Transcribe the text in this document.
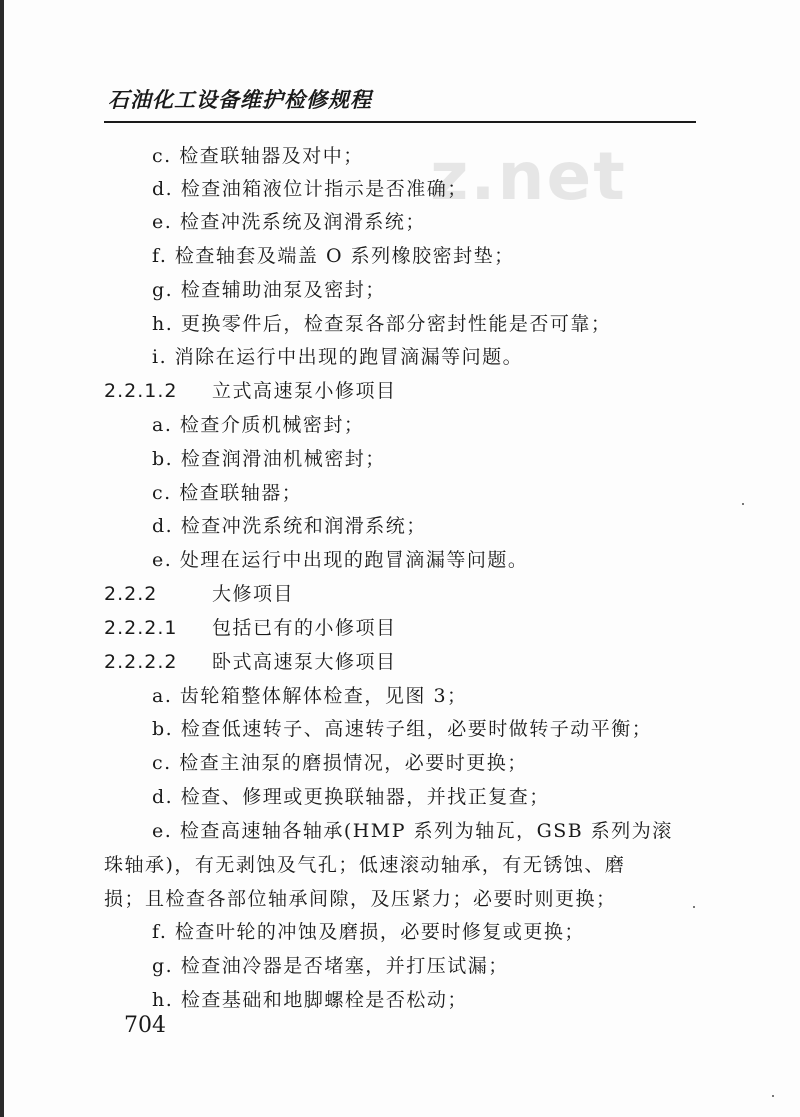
石油化工设备维护检修规程
z.net
c. 检查联轴器及对中；
d. 检查油箱液位计指示是否准确；
e. 检查冲洗系统及润滑系统；
f. 检查轴套及端盖 O 系列橡胶密封垫；
g. 检查辅助油泵及密封；
h. 更换零件后，检查泵各部分密封性能是否可靠；
i. 消除在运行中出现的跑冒滴漏等问题。
2.2.1.2 立式高速泵小修项目
a. 检查介质机械密封；
b. 检查润滑油机械密封；
c. 检查联轴器；
d. 检查冲洗系统和润滑系统；
e. 处理在运行中出现的跑冒滴漏等问题。
2.2.2	大修项目
2.2.2.1 包括已有的小修项目
2.2.2.2 卧式高速泵大修项目
a. 齿轮箱整体解体检查，见图 3；
b. 检查低速转子、高速转子组，必要时做转子动平衡；
c. 检查主油泵的磨损情况，必要时更换；
d. 检查、修理或更换联轴器，并找正复查；
e. 检查高速轴各轴承(HMP 系列为轴瓦，GSB 系列为滚
珠轴承)，有无剥蚀及气孔；低速滚动轴承，有无锈蚀、磨
损；且检查各部位轴承间隙，及压紧力；必要时则更换；
f. 检查叶轮的冲蚀及磨损，必要时修复或更换；
g. 检查油冷器是否堵塞，并打压试漏；
h. 检查基础和地脚螺栓是否松动；
704
